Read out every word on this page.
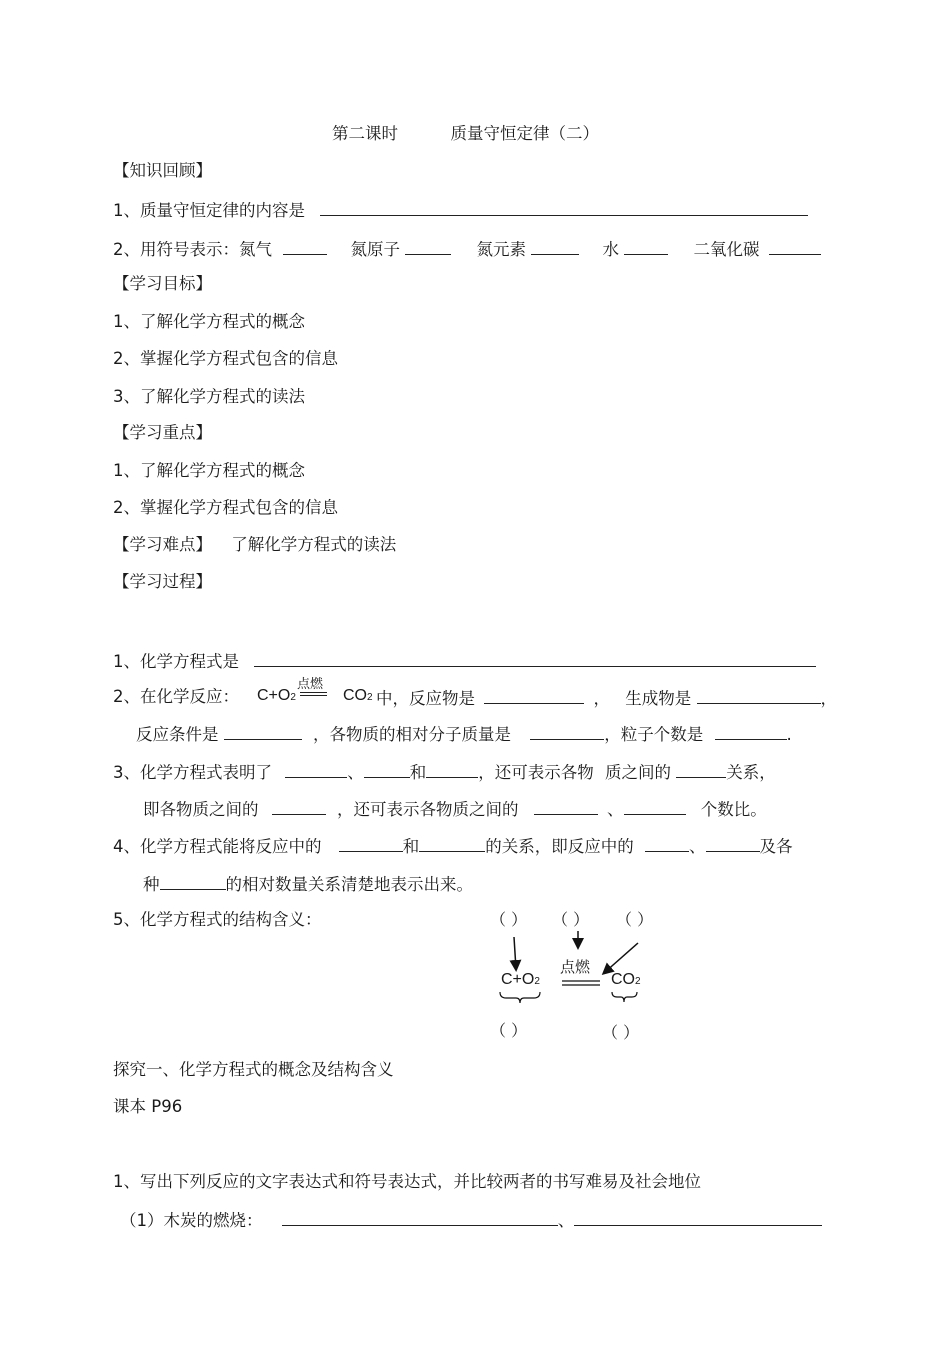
第二课时	质量守恒定律（二）
【知识回顾】
1、质量守恒定律的内容是
2、用符号表示：氮气	氮原子	氮元素	水	二氧化碳
【学习目标】
1、了解化学方程式的概念
2、掌握化学方程式包含的信息
3、了解化学方程式的读法
【学习重点】
1、了解化学方程式的概念
2、掌握化学方程式包含的信息
【学习难点】 了解化学方程式的读法
【学习过程】
1、化学方程式是
2、在化学反应： C+O2
点燃
CO2 中，反应物是	， 生成物是	，
反应条件是	，各物质的相对分子质量是	，粒子个数是	.
3、化学方程式表明了	、	和	，还可表示各物 质之间的	关系，
即各物质之间的	，还可表示各物质之间的	、	个数比。
4、化学方程式能将反应中的	和	的关系，即反应中的	、	及各
种	的相对数量关系清楚地表示出来。
5、化学方程式的结构含义：	（ ） （ ） （ ）
C+O2
点燃
CO2
（ ）	（ ）
探究一、化学方程式的概念及结构含义
课本 P96
1、写出下列反应的文字表达式和符号表达式，并比较两者的书写难易及社会地位
（1）木炭的燃烧：	、
